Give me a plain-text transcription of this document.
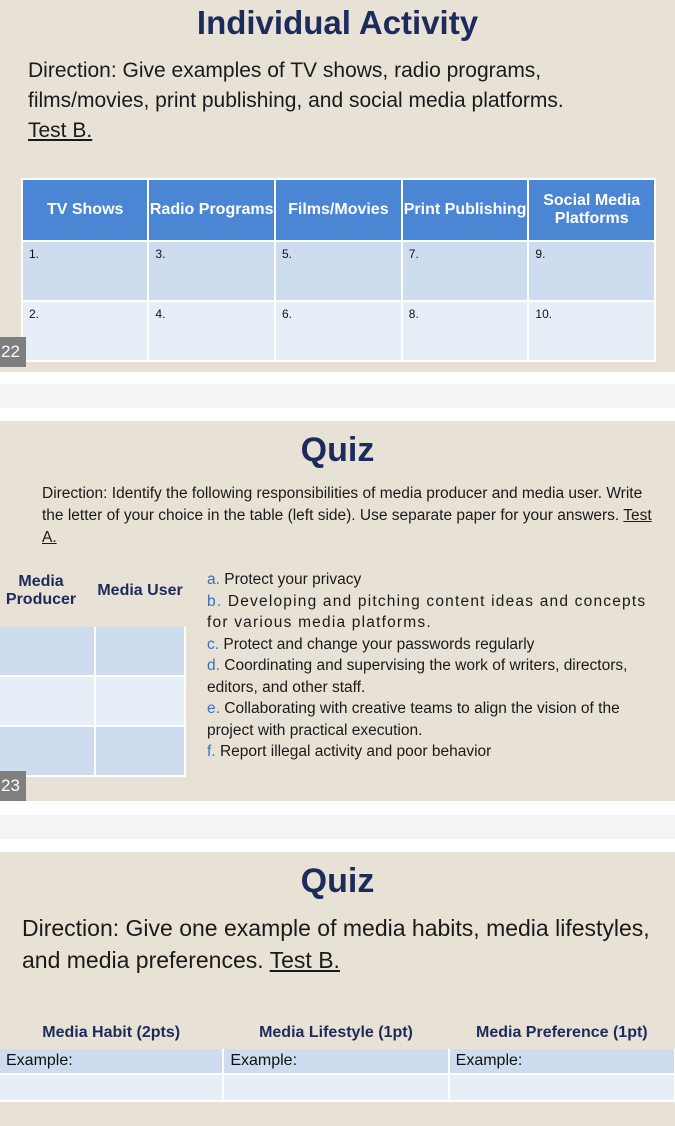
Individual Activity
Direction: Give examples of TV shows, radio programs, films/movies, print publishing, and social media platforms.
Test B.
TV Shows	Radio Programs	Films/Movies	Print Publishing	Social Media Platforms
1.	3.	5.	7.	9.
2.	4.	6.	8.	10.
22
Quiz
Direction: Identify the following responsibilities of media producer and media user. Write the letter of your choice in the table (left side). Use separate paper for your answers. Test A.
Media Producer	Media User

23
a. Protect your privacy
b. Developing and pitching content ideas and concepts for various media platforms.
c. Protect and change your passwords regularly
d. Coordinating and supervising the work of writers, directors, editors, and other staff.
e. Collaborating with creative teams to align the vision of the project with practical execution.
f. Report illegal activity and poor behavior
Quiz
Direction: Give one example of media habits, media lifestyles, and media preferences. Test B.
Media Habit (2pts)	Media Lifestyle (1pt)	Media Preference (1pt)
Example:	Example:	Example:
